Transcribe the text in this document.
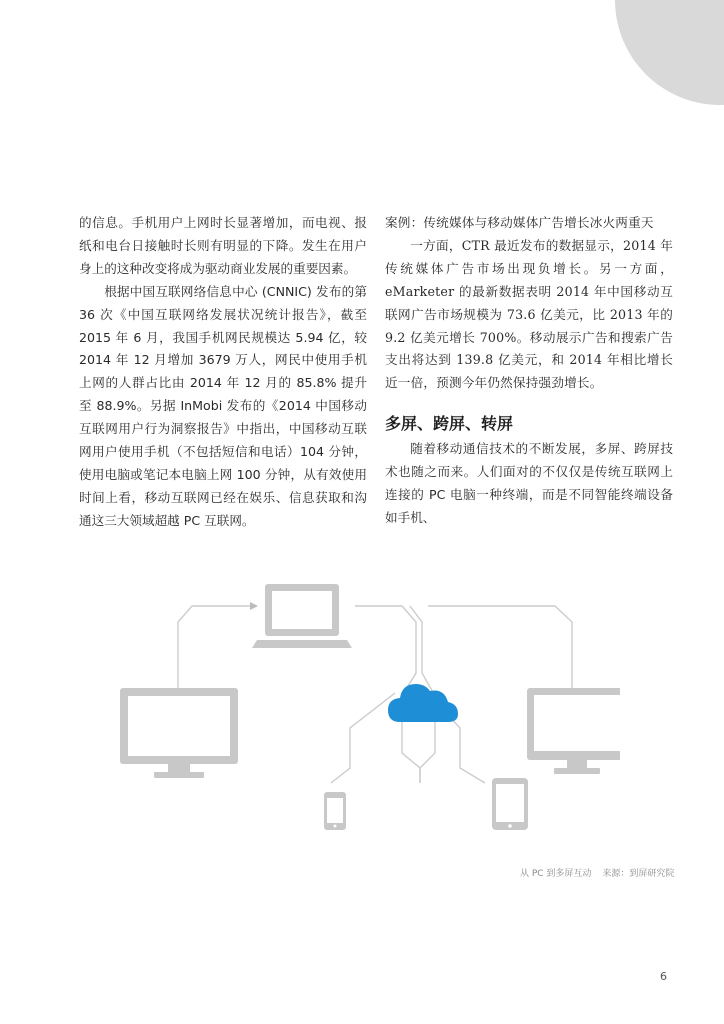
的信息。手机用户上网时长显著增加，而电视、报纸和电台日接触时长则有明显的下降。发生在用户身上的这种改变将成为驱动商业发展的重要因素。

根据中国互联网络信息中心 (CNNIC) 发布的第 36 次《中国互联网络发展状况统计报告》，截至 2015 年 6 月，我国手机网民规模达 5.94 亿，较 2014 年 12 月增加 3679 万人，网民中使用手机上网的人群占比由 2014 年 12 月的 85.8% 提升至 88.9%。另据 InMobi 发布的《2014 中国移动互联网用户行为洞察报告》中指出，中国移动互联网用户使用手机（不包括短信和电话）104 分钟，使用电脑或笔记本电脑上网 100 分钟，从有效使用时间上看，移动互联网已经在娱乐、信息获取和沟通这三大领域超越 PC 互联网。

案例：传统媒体与移动媒体广告增长冰火两重天

一方面，CTR 最近发布的数据显示，2014 年传统媒体广告市场出现负增长。另一方面，eMarketer 的最新数据表明 2014 年中国移动互联网广告市场规模为 73.6 亿美元，比 2013 年的 9.2 亿美元增长 700%。移动展示广告和搜索广告支出将达到 139.8 亿美元，和 2014 年相比增长近一倍，预测今年仍然保持强劲增长。

多屏、跨屏、转屏

随着移动通信技术的不断发展，多屏、跨屏技术也随之而来。人们面对的不仅仅是传统互联网上连接的 PC 电脑一种终端，而是不同智能终端设备如手机、

从 PC 到多屏互动 来源：到屏研究院
6
